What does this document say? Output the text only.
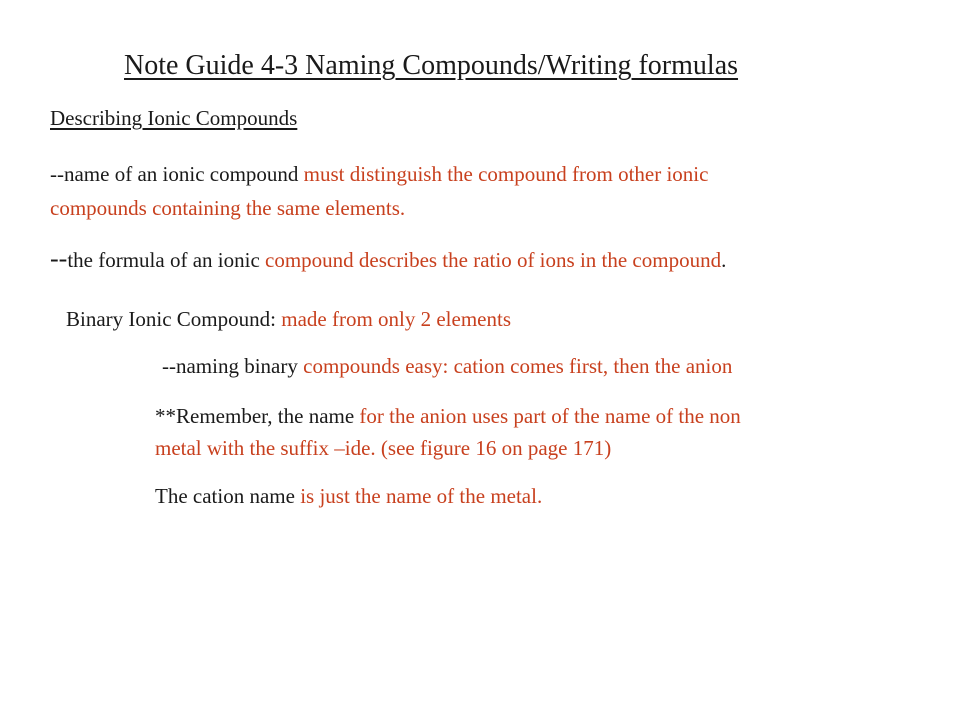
Note Guide 4-3 Naming Compounds/Writing formulas
Describing Ionic Compounds
--name of an ionic compound must distinguish the compound from other ionic
compounds containing the same elements.
--the formula of an ionic compound describes the ratio of ions in the compound.
Binary Ionic Compound: made from only 2 elements
--naming binary compounds easy: cation comes first, then the anion
**Remember, the name for the anion uses part of the name of the non
metal with the suffix –ide. (see figure 16 on page 171)
The cation name is just the name of the metal.
